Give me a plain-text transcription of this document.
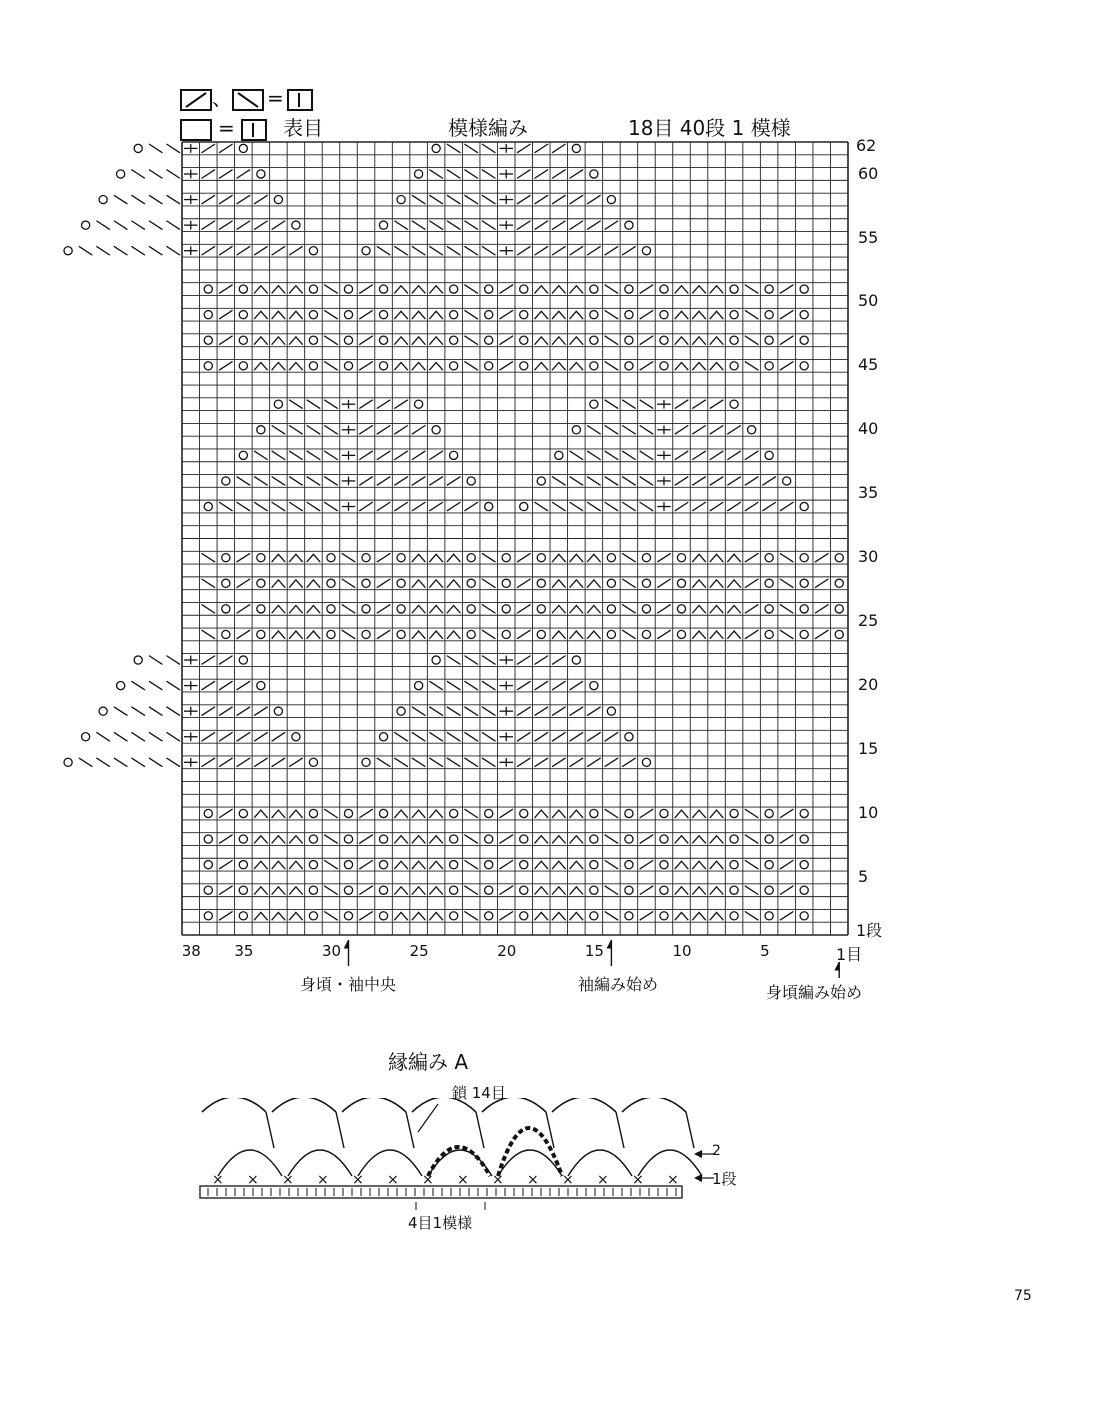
、 =
= 表目	模様編み	18目 40段 1 模様
60
55
50
45
40
35
30
25
20
15
10
5
62
1段
38 35	30	25	20	15	10	5	1目
身頃・袖中央	袖編み始め	身頃編み始め
縁編み A
鎖 14目
2
1段
4目1模様
× × × × × × × × × × × × × ×
75
